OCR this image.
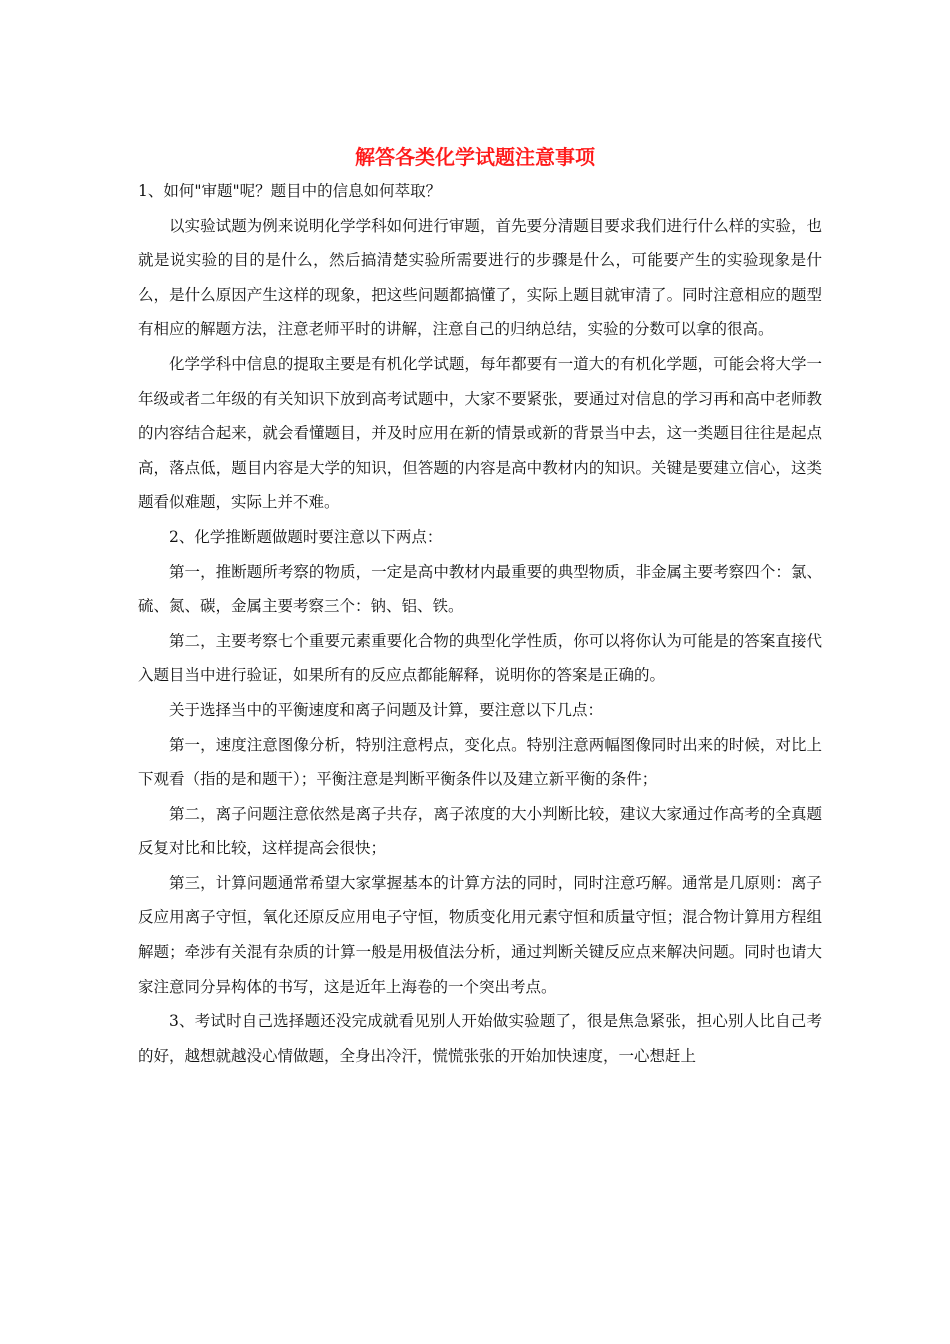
解答各类化学试题注意事项

1、如何"审题"呢？题目中的信息如何萃取？

以实验试题为例来说明化学学科如何进行审题，首先要分清题目要求我们进行什么样的实验，也就是说实验的目的是什么，然后搞清楚实验所需要进行的步骤是什么，可能要产生的实验现象是什么，是什么原因产生这样的现象，把这些问题都搞懂了，实际上题目就审清了。同时注意相应的题型有相应的解题方法，注意老师平时的讲解，注意自己的归纳总结，实验的分数可以拿的很高。

化学学科中信息的提取主要是有机化学试题，每年都要有一道大的有机化学题，可能会将大学一年级或者二年级的有关知识下放到高考试题中，大家不要紧张，要通过对信息的学习再和高中老师教的内容结合起来，就会看懂题目，并及时应用在新的情景或新的背景当中去，这一类题目往往是起点高，落点低，题目内容是大学的知识，但答题的内容是高中教材内的知识。关键是要建立信心，这类题看似难题，实际上并不难。

2、化学推断题做题时要注意以下两点：

第一，推断题所考察的物质，一定是高中教材内最重要的典型物质，非金属主要考察四个：氯、硫、氮、碳，金属主要考察三个：钠、铝、铁。

第二，主要考察七个重要元素重要化合物的典型化学性质，你可以将你认为可能是的答案直接代入题目当中进行验证，如果所有的反应点都能解释，说明你的答案是正确的。

关于选择当中的平衡速度和离子问题及计算，要注意以下几点：

第一，速度注意图像分析，特别注意枵点，变化点。特别注意两幅图像同时出来的时候，对比上下观看（指的是和题干）；平衡注意是判断平衡条件以及建立新平衡的条件；

第二，离子问题注意依然是离子共存，离子浓度的大小判断比较，建议大家通过作高考的全真题反复对比和比较，这样提高会很快；

第三，计算问题通常希望大家掌握基本的计算方法的同时，同时注意巧解。通常是几原则：离子反应用离子守恒，氧化还原反应用电子守恒，物质变化用元素守恒和质量守恒；混合物计算用方程组解题；牵涉有关混有杂质的计算一般是用极值法分析，通过判断关键反应点来解决问题。同时也请大家注意同分异构体的书写，这是近年上海卷的一个突出考点。

3、考试时自己选择题还没完成就看见别人开始做实验题了，很是焦急紧张，担心别人比自己考的好，越想就越没心情做题，全身出冷汗，慌慌张张的开始加快速度，一心想赶上
